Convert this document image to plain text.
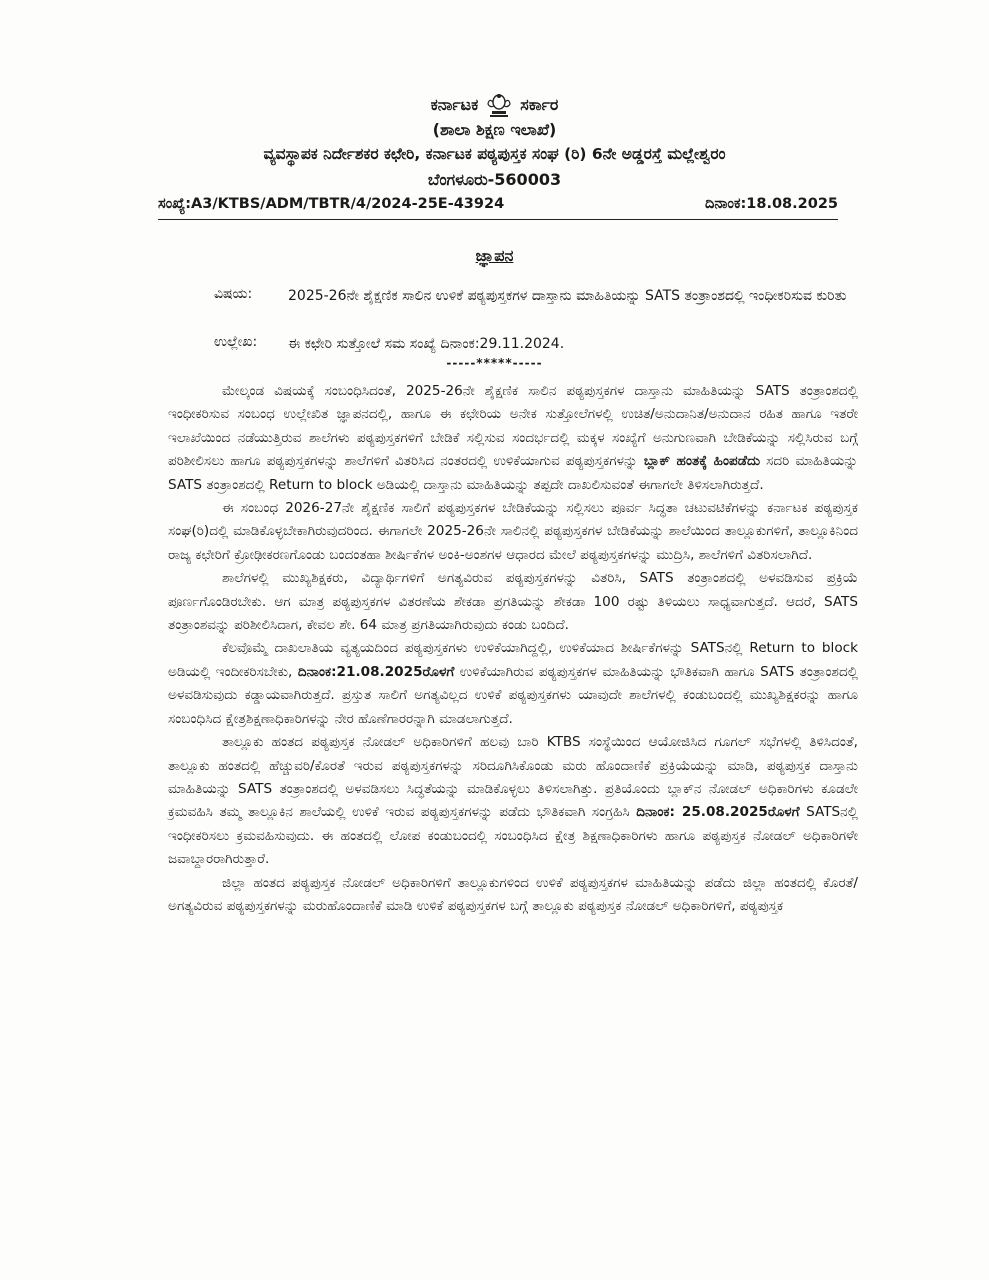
ಕರ್ನಾಟಕ	ಸರ್ಕಾರ
(ಶಾಲಾ ಶಿಕ್ಷಣ ಇಲಾಖೆ)
ವ್ಯವಸ್ಥಾಪಕ ನಿರ್ದೇಶಕರ ಕಛೇರಿ, ಕರ್ನಾಟಕ ಪಠ್ಯಪುಸ್ತಕ ಸಂಘ (ರಿ) 6ನೇ ಅಡ್ಡರಸ್ತೆ ಮಲ್ಲೇಶ್ವರಂ
ಬೆಂಗಳೂರು-560003
ಸಂಖ್ಯೆ:A3/KTBS/ADM/TBTR/4/2024-25E-43924	ದಿನಾಂಕ:18.08.2025
ಜ್ಞಾಪನ
ವಿಷಯ:	2025-26ನೇ ಶೈಕ್ಷಣಿಕ ಸಾಲಿನ ಉಳಿಕೆ ಪಠ್ಯಪುಸ್ತಕಗಳ ದಾಸ್ತಾನು ಮಾಹಿತಿಯನ್ನು SATS ತಂತ್ರಾಂಶದಲ್ಲಿ ಇಂಧೀಕರಿಸುವ ಕುರಿತು
ಉಲ್ಲೇಖ: ಈ ಕಛೇರಿ ಸುತ್ತೋಲೆ ಸಮ ಸಂಖ್ಯೆ ದಿನಾಂಕ:29.11.2024.
-----*****-----

ಮೇಲ್ಕಂಡ ವಿಷಯಕ್ಕೆ ಸಂಬಂಧಿಸಿದಂತೆ, 2025-26ನೇ ಶೈಕ್ಷಣಿಕ ಸಾಲಿನ ಪಠ್ಯಪುಸ್ತಕಗಳ ದಾಸ್ತಾನು ಮಾಹಿತಿಯನ್ನು SATS ತಂತ್ರಾಂಶದಲ್ಲಿ ಇಂಧೀಕರಿಸುವ ಸಂಬಂಧ ಉಲ್ಲೇಖಿತ ಜ್ಞಾಪನದಲ್ಲಿ, ಹಾಗೂ ಈ ಕಛೇರಿಯ ಅನೇಕ ಸುತ್ತೋಲೆಗಳಲ್ಲಿ ಉಚಿತ/ಅನುದಾನಿತ/ಅನುದಾನ ರಹಿತ ಹಾಗೂ ಇತರೇ ಇಲಾಖೆಯಿಂದ ನಡೆಯುತ್ತಿರುವ ಶಾಲೆಗಳು ಪಠ್ಯಪುಸ್ತಕಗಳಿಗೆ ಬೇಡಿಕೆ ಸಲ್ಲಿಸುವ ಸಂದರ್ಭದಲ್ಲಿ ಮಕ್ಕಳ ಸಂಖ್ಯೆಗೆ ಅನುಗುಣವಾಗಿ ಬೇಡಿಕೆಯನ್ನು ಸಲ್ಲಿಸಿರುವ ಬಗ್ಗೆ ಪರಿಶೀಲಿಸಲು ಹಾಗೂ ಪಠ್ಯಪುಸ್ತಕಗಳನ್ನು ಶಾಲೆಗಳಿಗೆ ವಿತರಿಸಿದ ನಂತರದಲ್ಲಿ ಉಳಿಕೆಯಾಗುವ ಪಠ್ಯಪುಸ್ತಕಗಳನ್ನು ಬ್ಲಾಕ್ ಹಂತಕ್ಕೆ ಹಿಂಪಡೆದು ಸದರಿ ಮಾಹಿತಿಯನ್ನು SATS ತಂತ್ರಾಂಶದಲ್ಲಿ Return to block ಅಡಿಯಲ್ಲಿ ದಾಸ್ತಾನು ಮಾಹಿತಿಯನ್ನು ತಪ್ಪದೇ ದಾಖಲಿಸುವಂತೆ ಈಗಾಗಲೇ ತಿಳಿಸಲಾಗಿರುತ್ತದೆ.

ಈ ಸಂಬಂಧ 2026-27ನೇ ಶೈಕ್ಷಣಿಕ ಸಾಲಿಗೆ ಪಠ್ಯಪುಸ್ತಕಗಳ ಬೇಡಿಕೆಯನ್ನು ಸಲ್ಲಿಸಲು ಪೂರ್ವ ಸಿದ್ಧತಾ ಚಟುವಟಿಕೆಗಳನ್ನು ಕರ್ನಾಟಕ ಪಠ್ಯಪುಸ್ತಕ ಸಂಘ(ರಿ)ದಲ್ಲಿ ಮಾಡಿಕೊಳ್ಳಬೇಕಾಗಿರುವುದರಿಂದ. ಈಗಾಗಲೇ 2025-26ನೇ ಸಾಲಿನಲ್ಲಿ ಪಠ್ಯಪುಸ್ತಕಗಳ ಬೇಡಿಕೆಯನ್ನು ಶಾಲೆಯಿಂದ ತಾಲ್ಲೂಕುಗಳಿಗೆ, ತಾಲ್ಲೂಕಿನಿಂದ ರಾಜ್ಯ ಕಛೇರಿಗೆ ಕ್ರೋಢೀಕರಣಗೊಂಡು ಬಂದಂತಹಾ ಶೀರ್ಷಿಕೆಗಳ ಅಂಕಿ-ಅಂಶಗಳ ಆಧಾರದ ಮೇಲೆ ಪಠ್ಯಪುಸ್ತಕಗಳನ್ನು ಮುದ್ರಿಸಿ, ಶಾಲೆಗಳಿಗೆ ವಿತರಿಸಲಾಗಿದೆ.

ಶಾಲೆಗಳಲ್ಲಿ ಮುಖ್ಯಶಿಕ್ಷಕರು, ವಿದ್ಯಾರ್ಥಿಗಳಿಗೆ ಅಗತ್ಯವಿರುವ ಪಠ್ಯಪುಸ್ತಕಗಳನ್ನು ವಿತರಿಸಿ, SATS ತಂತ್ರಾಂಶದಲ್ಲಿ ಅಳವಡಿಸುವ ಪ್ರಕ್ರಿಯೆ ಪೂರ್ಣಗೊಂಡಿರಬೇಕು. ಆಗ ಮಾತ್ರ ಪಠ್ಯಪುಸ್ತಕಗಳ ವಿತರಣೆಯ ಶೇಕಡಾ ಪ್ರಗತಿಯನ್ನು ಶೇಕಡಾ 100 ರಷ್ಟು ತಿಳಿಯಲು ಸಾಧ್ಯವಾಗುತ್ತದೆ. ಆದರೆ, SATS ತಂತ್ರಾಂಶವನ್ನು ಪರಿಶೀಲಿಸಿದಾಗ, ಕೇವಲ ಶೇ. 64 ಮಾತ್ರ ಪ್ರಗತಿಯಾಗಿರುವುದು ಕಂಡು ಬಂದಿದೆ.

ಕೆಲವೊಮ್ಮೆ ದಾಖಲಾತಿಯ ವ್ಯತ್ಯಯದಿಂದ ಪಠ್ಯಪುಸ್ತಕಗಳು ಉಳಿಕೆಯಾಗಿದ್ದಲ್ಲಿ, ಉಳಿಕೆಯಾದ ಶೀರ್ಷಿಕೆಗಳನ್ನು SATSನಲ್ಲಿ Return to block ಅಡಿಯಲ್ಲಿ ಇಂದೀಕರಿಸಬೇಕು, ದಿನಾಂಕ:21.08.2025ರೊಳಗೆ ಉಳಿಕೆಯಾಗಿರುವ ಪಠ್ಯಪುಸ್ತಕಗಳ ಮಾಹಿತಿಯನ್ನು ಭೌತಿಕವಾಗಿ ಹಾಗೂ SATS ತಂತ್ರಾಂಶದಲ್ಲಿ ಅಳವಡಿಸುವುದು ಕಡ್ಡಾಯವಾಗಿರುತ್ತದೆ. ಪ್ರಸ್ತುತ ಸಾಲಿಗೆ ಅಗತ್ಯವಿಲ್ಲದ ಉಳಿಕೆ ಪಠ್ಯಪುಸ್ತಕಗಳು ಯಾವುದೇ ಶಾಲೆಗಳಲ್ಲಿ ಕಂಡುಬಂದಲ್ಲಿ ಮುಖ್ಯಶಿಕ್ಷಕರನ್ನು ಹಾಗೂ ಸಂಬಂಧಿಸಿದ ಕ್ಷೇತ್ರಶಿಕ್ಷಣಾಧಿಕಾರಿಗಳನ್ನು ನೇರ ಹೊಣೆಗಾರರನ್ನಾಗಿ ಮಾಡಲಾಗುತ್ತದೆ.

ತಾಲ್ಲೂಕು ಹಂತದ ಪಠ್ಯಪುಸ್ತಕ ನೋಡಲ್ ಅಧಿಕಾರಿಗಳಿಗೆ ಹಲವು ಬಾರಿ KTBS ಸಂಸ್ಥೆಯಿಂದ ಆಯೋಜಿಸಿದ ಗೂಗಲ್ ಸಭೆಗಳಲ್ಲಿ ತಿಳಿಸಿದಂತೆ, ತಾಲ್ಲೂಕು ಹಂತದಲ್ಲಿ ಹೆಚ್ಚುವರಿ/ಕೊರತೆ ಇರುವ ಪಠ್ಯಪುಸ್ತಕಗಳನ್ನು ಸರಿದೂಗಿಸಿಕೊಂಡು ಮರು ಹೊಂದಾಣಿಕೆ ಪ್ರಕ್ರಿಯೆಯನ್ನು ಮಾಡಿ, ಪಠ್ಯಪುಸ್ತಕ ದಾಸ್ತಾನು ಮಾಹಿತಿಯನ್ನು SATS ತಂತ್ರಾಂಶದಲ್ಲಿ ಅಳವಡಿಸಲು ಸಿದ್ಧತೆಯನ್ನು ಮಾಡಿಕೊಳ್ಳಲು ತಿಳಿಸಲಾಗಿತ್ತು. ಪ್ರತಿಯೊಂದು ಬ್ಲಾಕ್‌ನ ನೋಡಲ್ ಅಧಿಕಾರಿಗಳು ಕೂಡಲೇ ಕ್ರಮವಹಿಸಿ ತಮ್ಮ ತಾಲ್ಲೂಕಿನ ಶಾಲೆಯಲ್ಲಿ ಉಳಿಕೆ ಇರುವ ಪಠ್ಯಪುಸ್ತಕಗಳನ್ನು ಪಡೆದು ಭೌತಿಕವಾಗಿ ಸಂಗ್ರಹಿಸಿ ದಿನಾಂಕ: 25.08.2025ರೊಳಗೆ SATSನಲ್ಲಿ ಇಂಧೀಕರಿಸಲು ಕ್ರಮವಹಿಸುವುದು. ಈ ಹಂತದಲ್ಲಿ ಲೋಪ ಕಂಡುಬಂದಲ್ಲಿ ಸಂಬಂಧಿಸಿದ ಕ್ಷೇತ್ರ ಶಿಕ್ಷಣಾಧಿಕಾರಿಗಳು ಹಾಗೂ ಪಠ್ಯಪುಸ್ತಕ ನೋಡಲ್ ಅಧಿಕಾರಿಗಳೇ ಜವಾಬ್ದಾರರಾಗಿರುತ್ತಾರೆ.

ಜಿಲ್ಲಾ ಹಂತದ ಪಠ್ಯಪುಸ್ತಕ ನೋಡಲ್ ಅಧಿಕಾರಿಗಳಿಗೆ ತಾಲ್ಲೂಕುಗಳಿಂದ ಉಳಿಕೆ ಪಠ್ಯಪುಸ್ತಕಗಳ ಮಾಹಿತಿಯನ್ನು ಪಡೆದು ಜಿಲ್ಲಾ ಹಂತದಲ್ಲಿ ಕೊರತೆ/ಅಗತ್ಯವಿರುವ ಪಠ್ಯಪುಸ್ತಕಗಳನ್ನು ಮರುಹೊಂದಾಣಿಕೆ ಮಾಡಿ ಉಳಿಕೆ ಪಠ್ಯಪುಸ್ತಕಗಳ ಬಗ್ಗೆ ತಾಲ್ಲೂಕು ಪಠ್ಯಪುಸ್ತಕ ನೋಡಲ್ ಅಧಿಕಾರಿಗಳಿಗೆ, ಪಠ್ಯಪುಸ್ತಕ
